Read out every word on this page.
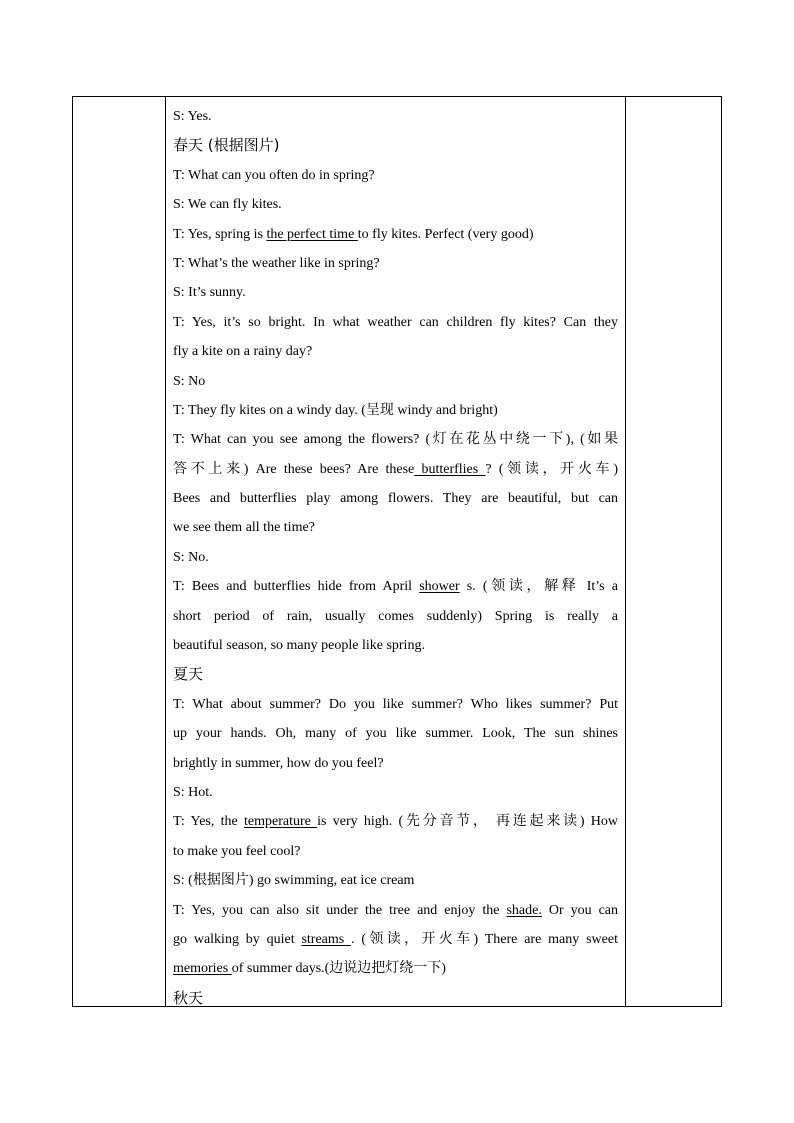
S: Yes.
春天 (根据图片)
T: What can you often do in spring?
S: We can fly kites.
T: Yes, spring is the perfect time to fly kites. Perfect (very good)
T: What’s the weather like in spring?
S: It’s sunny.
T: Yes, it’s so bright. In what weather can children fly kites? Can they
fly a kite on a rainy day?
S: No
T: They fly kites on a windy day. (呈现 windy and bright)
T: What can you see among the flowers? (灯在花丛中绕一下), (如果
答不上来) Are these bees? Are these butterflies ? (领读，开火车)
Bees and butterflies play among flowers. They are beautiful, but can
we see them all the time?
S: No.
T: Bees and butterflies hide from April shower s. (领读，解释 It’s a
short period of rain, usually comes suddenly) Spring is really a
beautiful season, so many people like spring.
夏天
T: What about summer? Do you like summer? Who likes summer? Put
up your hands. Oh, many of you like summer. Look, The sun shines
brightly in summer, how do you feel?
S: Hot.
T: Yes, the temperature is very high. (先分音节， 再连起来读) How
to make you feel cool?
S: (根据图片) go swimming, eat ice cream
T: Yes, you can also sit under the tree and enjoy the shade. Or you can
go walking by quiet streams . (领读，开火车) There are many sweet
memories of summer days.(边说边把灯绕一下)
秋天
